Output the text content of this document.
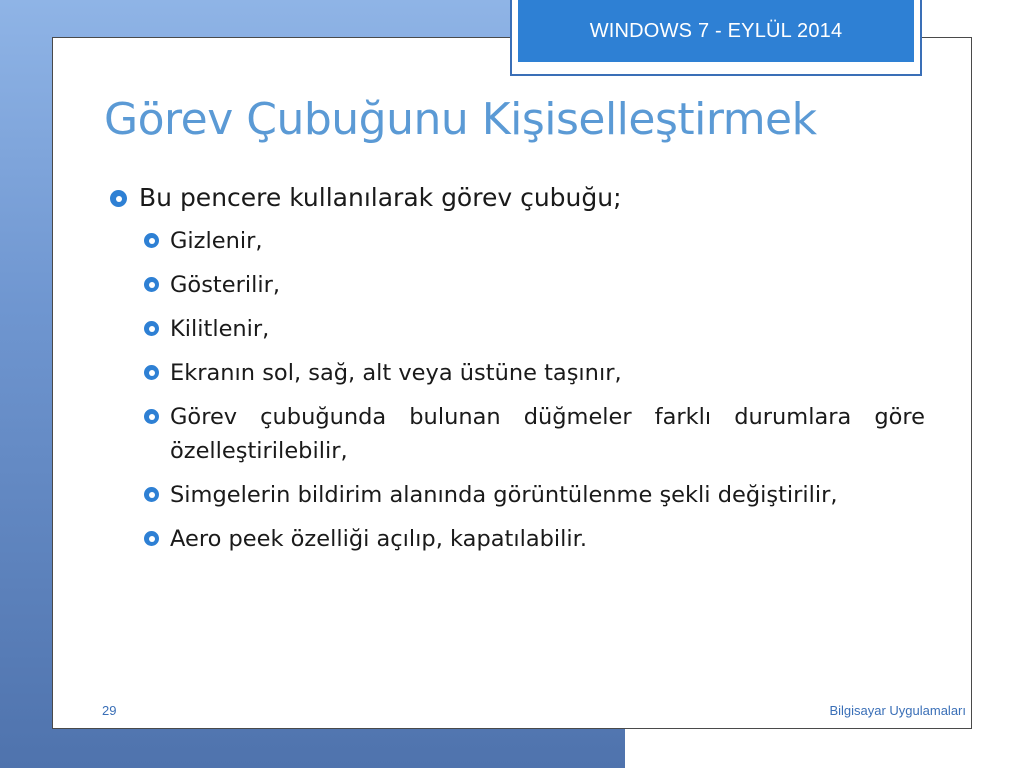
WINDOWS 7 - EYLÜL 2014
Görev Çubuğunu Kişiselleştirmek
Bu pencere kullanılarak görev çubuğu;
Gizlenir,
Gösterilir,
Kilitlenir,
Ekranın sol, sağ, alt veya üstüne taşınır,
Görev çubuğunda bulunan düğmeler farklı durumlara göre özelleştirilebilir,
Simgelerin bildirim alanında görüntülenme şekli değiştirilir,
Aero peek özelliği açılıp, kapatılabilir.
29	Bilgisayar Uygulamaları
